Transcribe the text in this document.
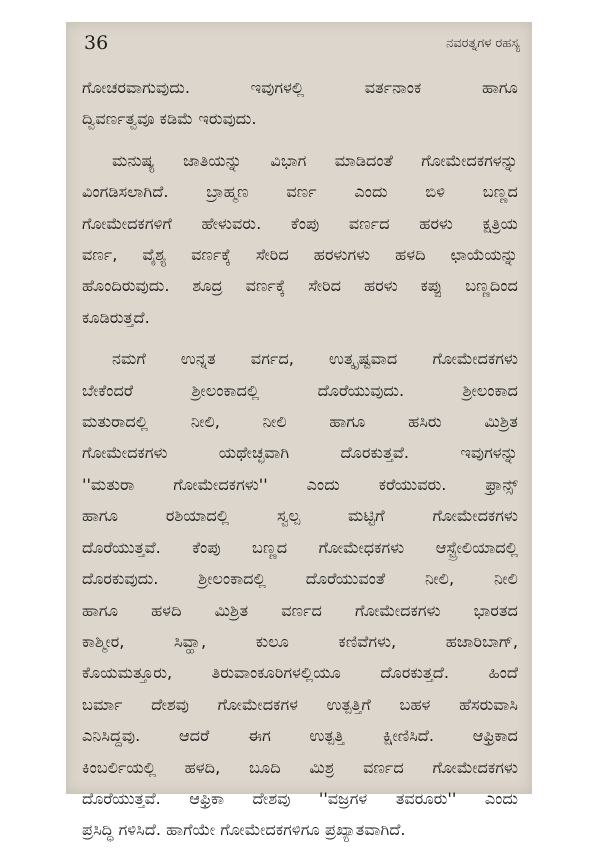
36	ನವರತ್ನಗಳ ರಹಸ್ಯ
ಗೋಚರವಾಗುವುದು. ಇವುಗಳಲ್ಲಿ ವರ್ತನಾಂಕ ಹಾಗೂ
ದ್ವಿವರ್ಣತ್ವವೂ ಕಡಿಮೆ ಇರುವುದು.
ಮನುಷ್ಯ ಜಾತಿಯನ್ನು ವಿಭಾಗ ಮಾಡಿದಂತೆ ಗೋಮೇದಕಗಳನ್ನು
ವಿಂಗಡಿಸಲಾಗಿದೆ. ಬ್ರಾಹ್ಮಣ ವರ್ಣ ಎಂದು ಬಿಳಿ ಬಣ್ಣದ
ಗೋಮೇದಕಗಳಿಗೆ ಹೇಳುವರು. ಕೆಂಪು ವರ್ಣದ ಹರಳು ಕ್ಷತ್ರಿಯ
ವರ್ಣ, ವೈಶ್ಯ ವರ್ಣಕ್ಕೆ ಸೇರಿದ ಹರಳುಗಳು ಹಳದಿ ಛಾಯೆಯನ್ನು
ಹೊಂದಿರುವುದು. ಶೂದ್ರ ವರ್ಣಕ್ಕೆ ಸೇರಿದ ಹರಳು ಕಪ್ಪು ಬಣ್ಣದಿಂದ
ಕೂಡಿರುತ್ತದೆ.
ನಮಗೆ ಉನ್ನತ ವರ್ಗದ, ಉತ್ಕೃಷ್ಟವಾದ ಗೋಮೇದಕಗಳು
ಬೇಕೆಂದರೆ ಶ್ರೀಲಂಕಾದಲ್ಲಿ ದೊರೆಯುವುದು. ಶ್ರೀಲಂಕಾದ
ಮತುರಾದಲ್ಲಿ ನೀಲಿ, ನೀಲಿ ಹಾಗೂ ಹಸಿರು ಮಿಶ್ರಿತ
ಗೋಮೇದಕಗಳು ಯಥೇಚ್ಛವಾಗಿ ದೊರಕುತ್ತವೆ. ಇವುಗಳನ್ನು
''ಮತುರಾ ಗೋಮೇದಕಗಳು'' ಎಂದು ಕರೆಯುವರು. ಫ್ರಾನ್ಸ್
ಹಾಗೂ ರಶಿಯಾದಲ್ಲಿ ಸ್ವಲ್ಪ ಮಟ್ಟಿಗೆ ಗೋಮೇದಕಗಳು
ದೊರೆಯುತ್ತವೆ. ಕೆಂಪು ಬಣ್ಣದ ಗೋಮೇಧಕಗಳು ಆಸ್ಟ್ರೇಲಿಯಾದಲ್ಲಿ
ದೊರಕುವುದು. ಶ್ರೀಲಂಕಾದಲ್ಲಿ ದೊರೆಯುವಂತೆ ನೀಲಿ, ನೀಲಿ
ಹಾಗೂ ಹಳದಿ ಮಿಶ್ರಿತ ವರ್ಣದ ಗೋಮೇದಕಗಳು ಭಾರತದ
ಕಾಶ್ಮೀರ, ಸಿವ್ಹಾ, ಕುಲೂ ಕಣಿವೆಗಳು, ಹಜಾರಿಬಾಗ್,
ಕೊಯಮತ್ತೂರು, ತಿರುವಾಂಕೂರಿಗಳಲ್ಲಿಯೂ ದೊರಕುತ್ತದೆ. ಹಿಂದೆ
ಬರ್ಮಾ ದೇಶವು ಗೋಮೇದಕಗಳ ಉತ್ಪತ್ತಿಗೆ ಬಹಳ ಹೆಸರುವಾಸಿ
ಎನಿಸಿದ್ದವು. ಆದರೆ ಈಗ ಉತ್ಪತ್ತಿ ಕ್ಷೀಣಿಸಿದೆ. ಆಫ್ರಿಕಾದ
ಕಿಂಬರ್ಲಿಯಲ್ಲಿ ಹಳದಿ, ಬೂದಿ ಮಿಶ್ರ ವರ್ಣದ ಗೋಮೇದಕಗಳು
ದೊರೆಯುತ್ತವೆ. ಆಫ್ರಿಕಾ ದೇಶವು ''ವಜ್ರಗಳ ತವರೂರು'' ಎಂದು
ಪ್ರಸಿದ್ಧಿ ಗಳಿಸಿದೆ. ಹಾಗೆಯೇ ಗೋಮೇದಕಗಳಿಗೂ ಪ್ರಖ್ಯಾತವಾಗಿದೆ.
